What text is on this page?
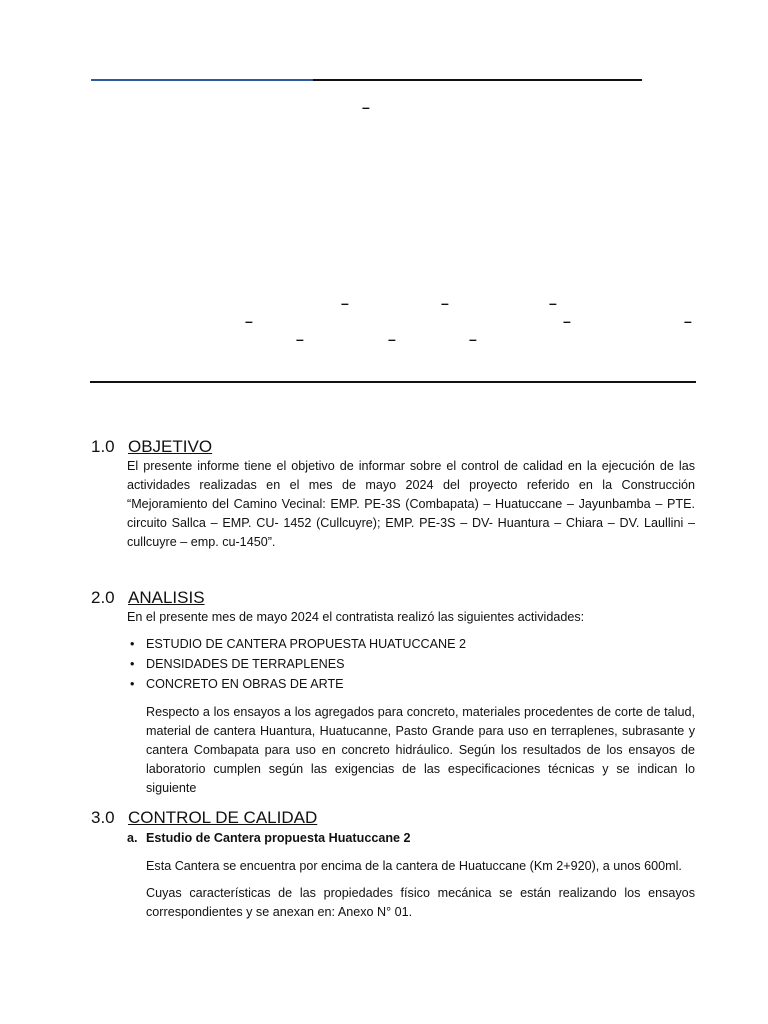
–
–	–	–
–	–	–
–	–	–
1.0 OBJETIVO
El presente informe tiene el objetivo de informar sobre el control de calidad en la ejecución de las actividades realizadas en el mes de mayo 2024 del proyecto referido en la Construcción “Mejoramiento del Camino Vecinal: EMP. PE-3S (Combapata) – Huatuccane – Jayunbamba – PTE. circuito Sallca – EMP. CU- 1452 (Cullcuyre); EMP. PE-3S – DV- Huantura – Chiara – DV. Laullini – cullcuyre – emp. cu-1450”.
2.0 ANALISIS
En el presente mes de mayo 2024 el contratista realizó las siguientes actividades:
• ESTUDIO DE CANTERA PROPUESTA HUATUCCANE 2
• DENSIDADES DE TERRAPLENES
• CONCRETO EN OBRAS DE ARTE
Respecto a los ensayos a los agregados para concreto, materiales procedentes de corte de talud, material de cantera Huantura, Huatucanne, Pasto Grande para uso en terraplenes, subrasante y cantera Combapata para uso en concreto hidráulico. Según los resultados de los ensayos de laboratorio cumplen según las exigencias de las especificaciones técnicas y se indican lo siguiente
3.0 CONTROL DE CALIDAD
a. Estudio de Cantera propuesta Huatuccane 2
Esta Cantera se encuentra por encima de la cantera de Huatuccane (Km 2+920), a unos 600ml.
Cuyas características de las propiedades físico mecánica se están realizando los ensayos correspondientes y se anexan en: Anexo N° 01.
